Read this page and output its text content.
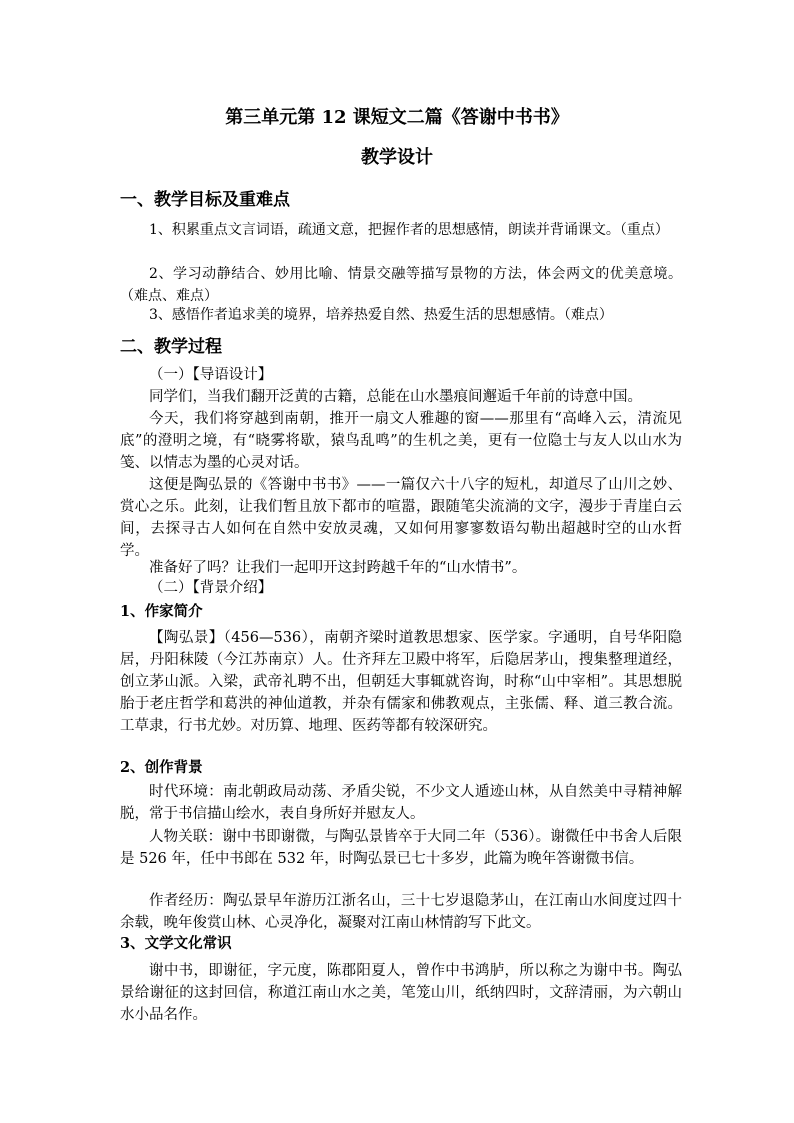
第三单元第 12 课短文二篇《答谢中书书》
教学设计
一、教学目标及重难点

1、积累重点文言词语，疏通文意，把握作者的思想感情，朗读并背诵课文。（重点）

2、学习动静结合、妙用比喻、情景交融等描写景物的方法，体会两文的优美意境。（难点、难点）

3、感悟作者追求美的境界，培养热爱自然、热爱生活的思想感情。（难点）

二、教学过程

（一）【导语设计】

同学们，当我们翻开泛黄的古籍，总能在山水墨痕间邂逅千年前的诗意中国。

今天，我们将穿越到南朝，推开一扇文人雅趣的窗——那里有“高峰入云，清流见底”的澄明之境，有“晓雾将歇，猿鸟乱鸣”的生机之美，更有一位隐士与友人以山水为笺、以情志为墨的心灵对话。

这便是陶弘景的《答谢中书书》——一篇仅六十八字的短札，却道尽了山川之妙、赏心之乐。此刻，让我们暂且放下都市的喧嚣，跟随笔尖流淌的文字，漫步于青崖白云间，去探寻古人如何在自然中安放灵魂，又如何用寥寥数语勾勒出超越时空的山水哲学。

准备好了吗？让我们一起叩开这封跨越千年的“山水情书”。

（二）【背景介绍】

1、作家简介

【陶弘景】（456—536），南朝齐梁时道教思想家、医学家。字通明，自号华阳隐居，丹阳秣陵（今江苏南京）人。仕齐拜左卫殿中将军，后隐居茅山，搜集整理道经，创立茅山派。入梁，武帝礼聘不出，但朝廷大事辄就咨询，时称“山中宰相”。其思想脱胎于老庄哲学和葛洪的神仙道教，并杂有儒家和佛教观点，主张儒、释、道三教合流。工草隶，行书尤妙。对历算、地理、医药等都有较深研究。

2、创作背景

时代环境：南北朝政局动荡、矛盾尖锐，不少文人遁迹山林，从自然美中寻精神解脱，常于书信描山绘水，表自身所好并慰友人。

人物关联：谢中书即谢微，与陶弘景皆卒于大同二年（536）。谢微任中书舍人后限是 526 年，任中书郎在 532 年，时陶弘景已七十多岁，此篇为晚年答谢微书信。

作者经历：陶弘景早年游历江浙名山，三十七岁退隐茅山，在江南山水间度过四十余载，晚年俊赏山林、心灵净化，凝聚对江南山林情韵写下此文。

3、文学文化常识

谢中书，即谢征，字元度，陈郡阳夏人，曾作中书鸿胪，所以称之为谢中书。陶弘景给谢征的这封回信，称道江南山水之美，笔笼山川，纸纳四时，文辞清丽，为六朝山水小品名作。
